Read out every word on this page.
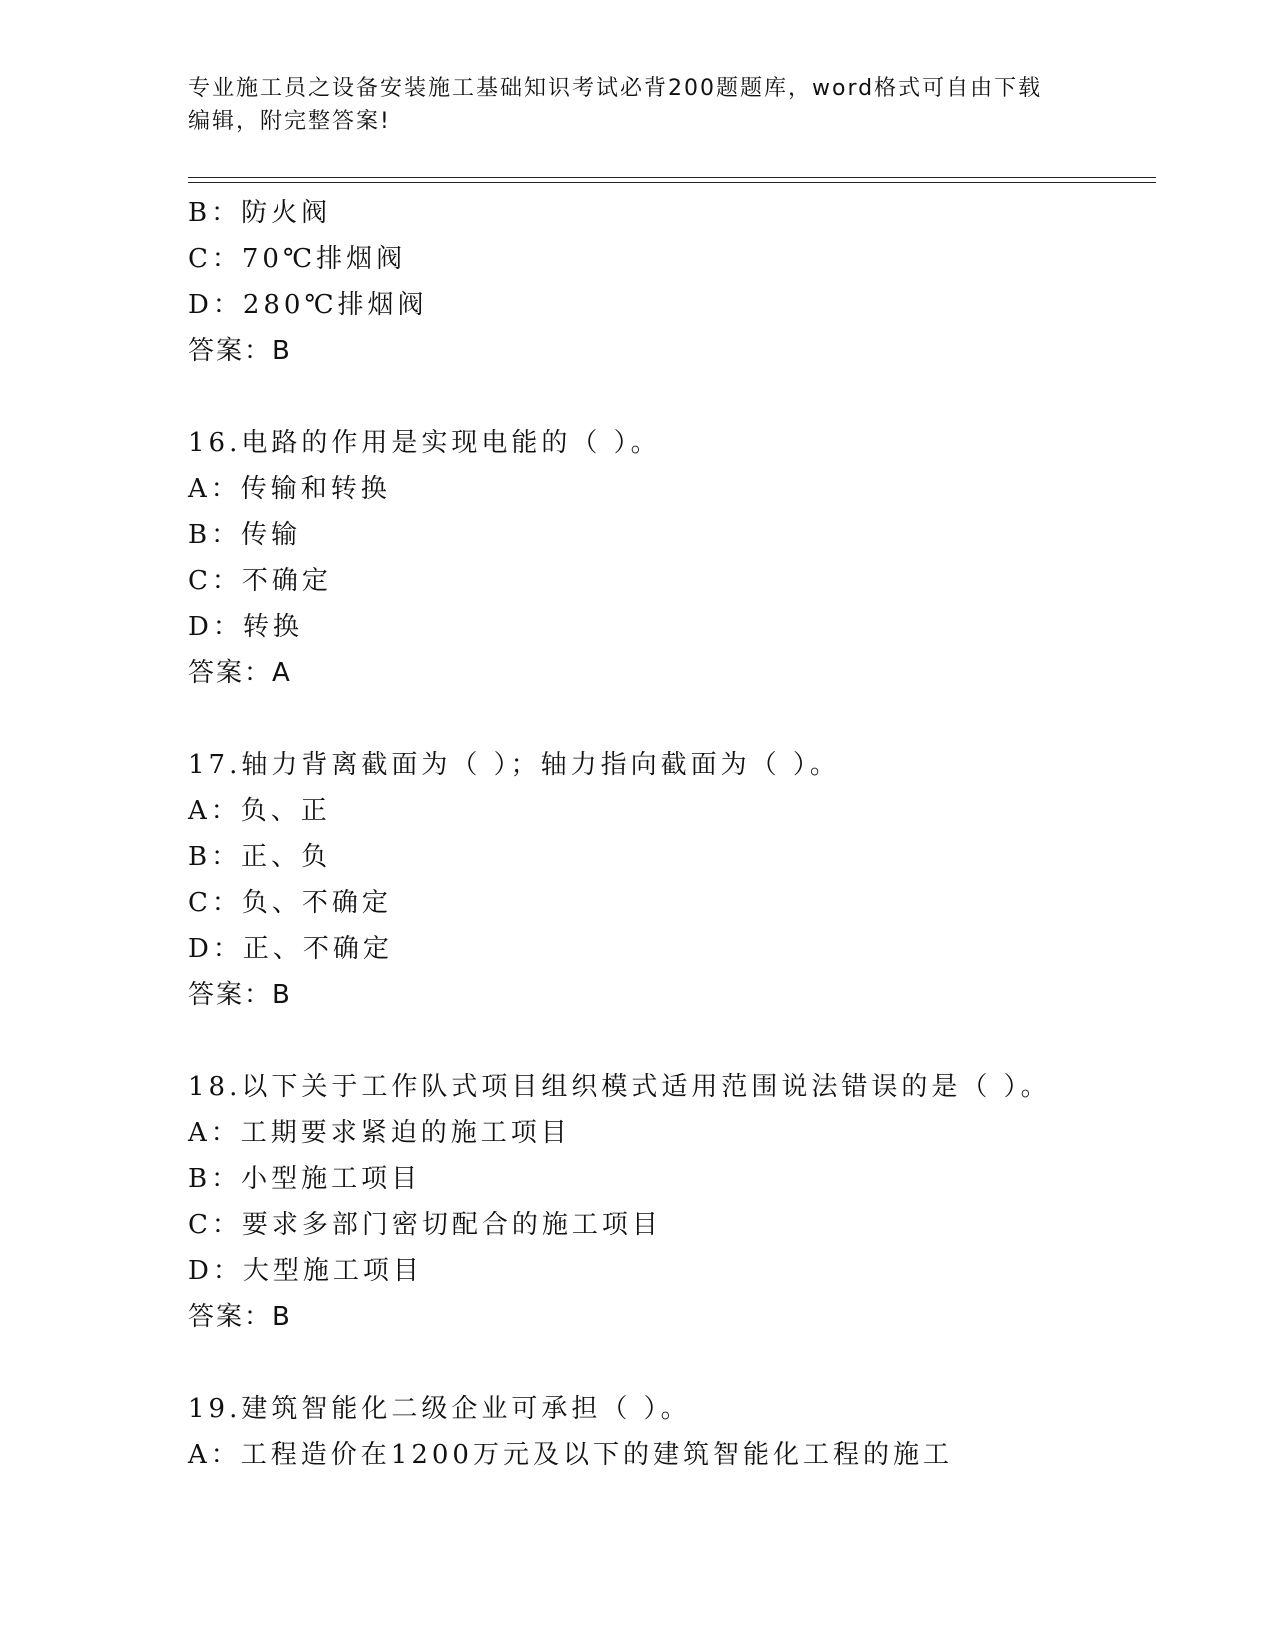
专业施工员之设备安装施工基础知识考试必背200题题库，word格式可自由下载
编辑，附完整答案!
B：防火阀
C：70℃排烟阀
D：280℃排烟阀
答案：B
16.电路的作用是实现电能的（ ）。
A：传输和转换
B：传输
C：不确定
D：转换
答案：A
17.轴力背离截面为（ ）；轴力指向截面为（ ）。
A：负、正
B：正、负
C：负、不确定
D：正、不确定
答案：B
18.以下关于工作队式项目组织模式适用范围说法错误的是（ ）。
A：工期要求紧迫的施工项目
B：小型施工项目
C：要求多部门密切配合的施工项目
D：大型施工项目
答案：B
19.建筑智能化二级企业可承担（ ）。
A：工程造价在1200万元及以下的建筑智能化工程的施工
